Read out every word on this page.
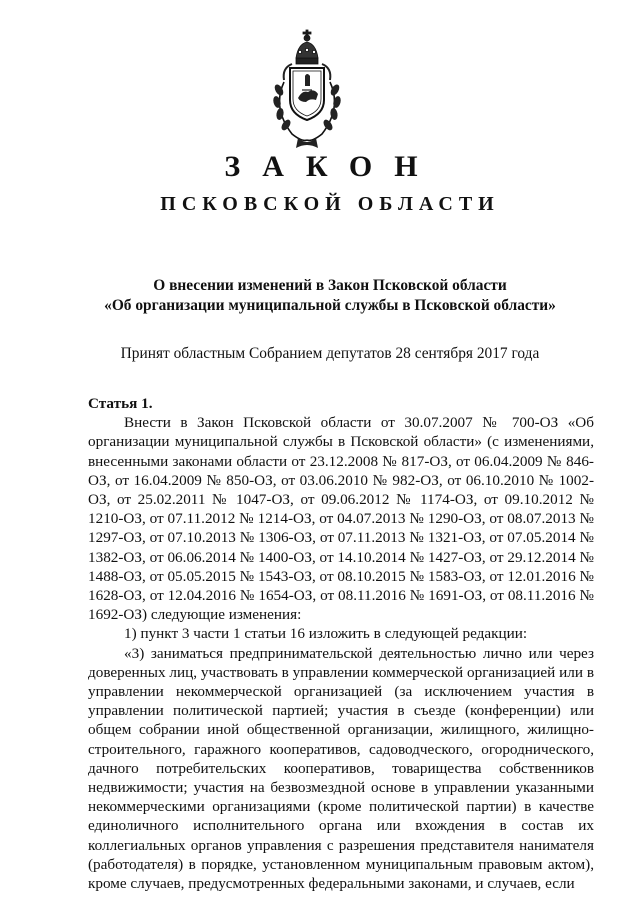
ЗАКОН
ПСКОВСКОЙ ОБЛАСТИ
О внесении изменений в Закон Псковской области
«Об организации муниципальной службы в Псковской области»
Принят областным Собранием депутатов 28 сентября 2017 года

Статья 1.

Внести в Закон Псковской области от 30.07.2007 № 700-ОЗ «Об организации муниципальной службы в Псковской области» (с изменениями, внесенными законами области от 23.12.2008 № 817-ОЗ, от 06.04.2009 № 846-ОЗ, от 16.04.2009 № 850-ОЗ, от 03.06.2010 № 982-ОЗ, от 06.10.2010 № 1002-ОЗ, от 25.02.2011 № 1047-ОЗ, от 09.06.2012 № 1174-ОЗ, от 09.10.2012 № 1210-ОЗ, от 07.11.2012 № 1214-ОЗ, от 04.07.2013 № 1290-ОЗ, от 08.07.2013 № 1297-ОЗ, от 07.10.2013 № 1306-ОЗ, от 07.11.2013 № 1321-ОЗ, от 07.05.2014 № 1382-ОЗ, от 06.06.2014 № 1400-ОЗ, от 14.10.2014 № 1427-ОЗ, от 29.12.2014 № 1488-ОЗ, от 05.05.2015 № 1543-ОЗ, от 08.10.2015 № 1583-ОЗ, от 12.01.2016 № 1628-ОЗ, от 12.04.2016 № 1654-ОЗ, от 08.11.2016 № 1691-ОЗ, от 08.11.2016 № 1692-ОЗ) следующие изменения:

1) пункт 3 части 1 статьи 16 изложить в следующей редакции:

«3) заниматься предпринимательской деятельностью лично или через доверенных лиц, участвовать в управлении коммерческой организацией или в управлении некоммерческой организацией (за исключением участия в управлении политической партией; участия в съезде (конференции) или общем собрании иной общественной организации, жилищного, жилищно-строительного, гаражного кооперативов, садоводческого, огороднического, дачного потребительских кооперативов, товарищества собственников недвижимости; участия на безвозмездной основе в управлении указанными некоммерческими организациями (кроме политической партии) в качестве единоличного исполнительного органа или вхождения в состав их коллегиальных органов управления с разрешения представителя нанимателя (работодателя) в порядке, установленном муниципальным правовым актом), кроме случаев, предусмотренных федеральными законами, и случаев, если
